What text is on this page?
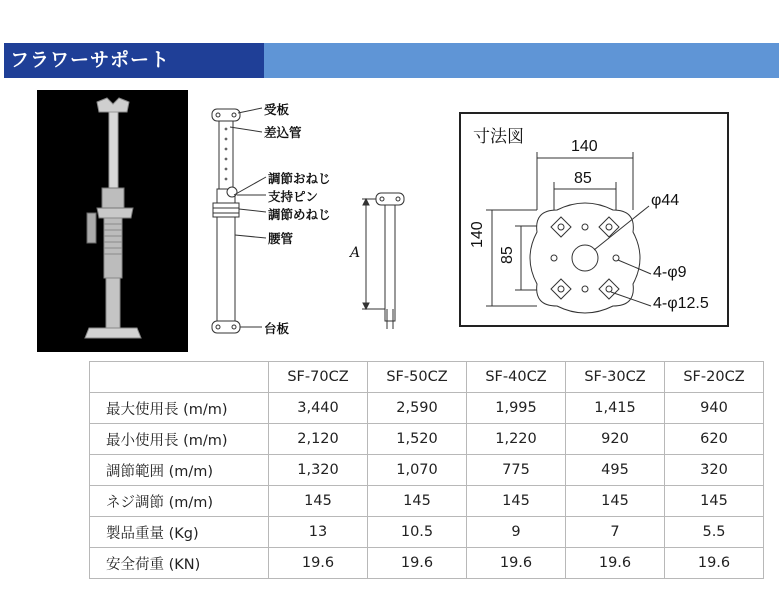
フラワーサポート
受板
差込管
調節おねじ
支持ピン
調節めねじ
腰管
台板
A
寸法図	140
85
140
85
φ44
4-φ9
4-φ12.5
	SF-70CZ	SF-50CZ	SF-40CZ	SF-30CZ	SF-20CZ
最大使用長 (m/m)	3,440	2,590	1,995	1,415	940
最小使用長 (m/m)	2,120	1,520	1,220	920	620
調節範囲 (m/m)	1,320	1,070	775	495	320
ネジ調節 (m/m)	145	145	145	145	145
製品重量 (Kg)	13	10.5	9	7	5.5
安全荷重 (KN)	19.6	19.6	19.6	19.6	19.6
